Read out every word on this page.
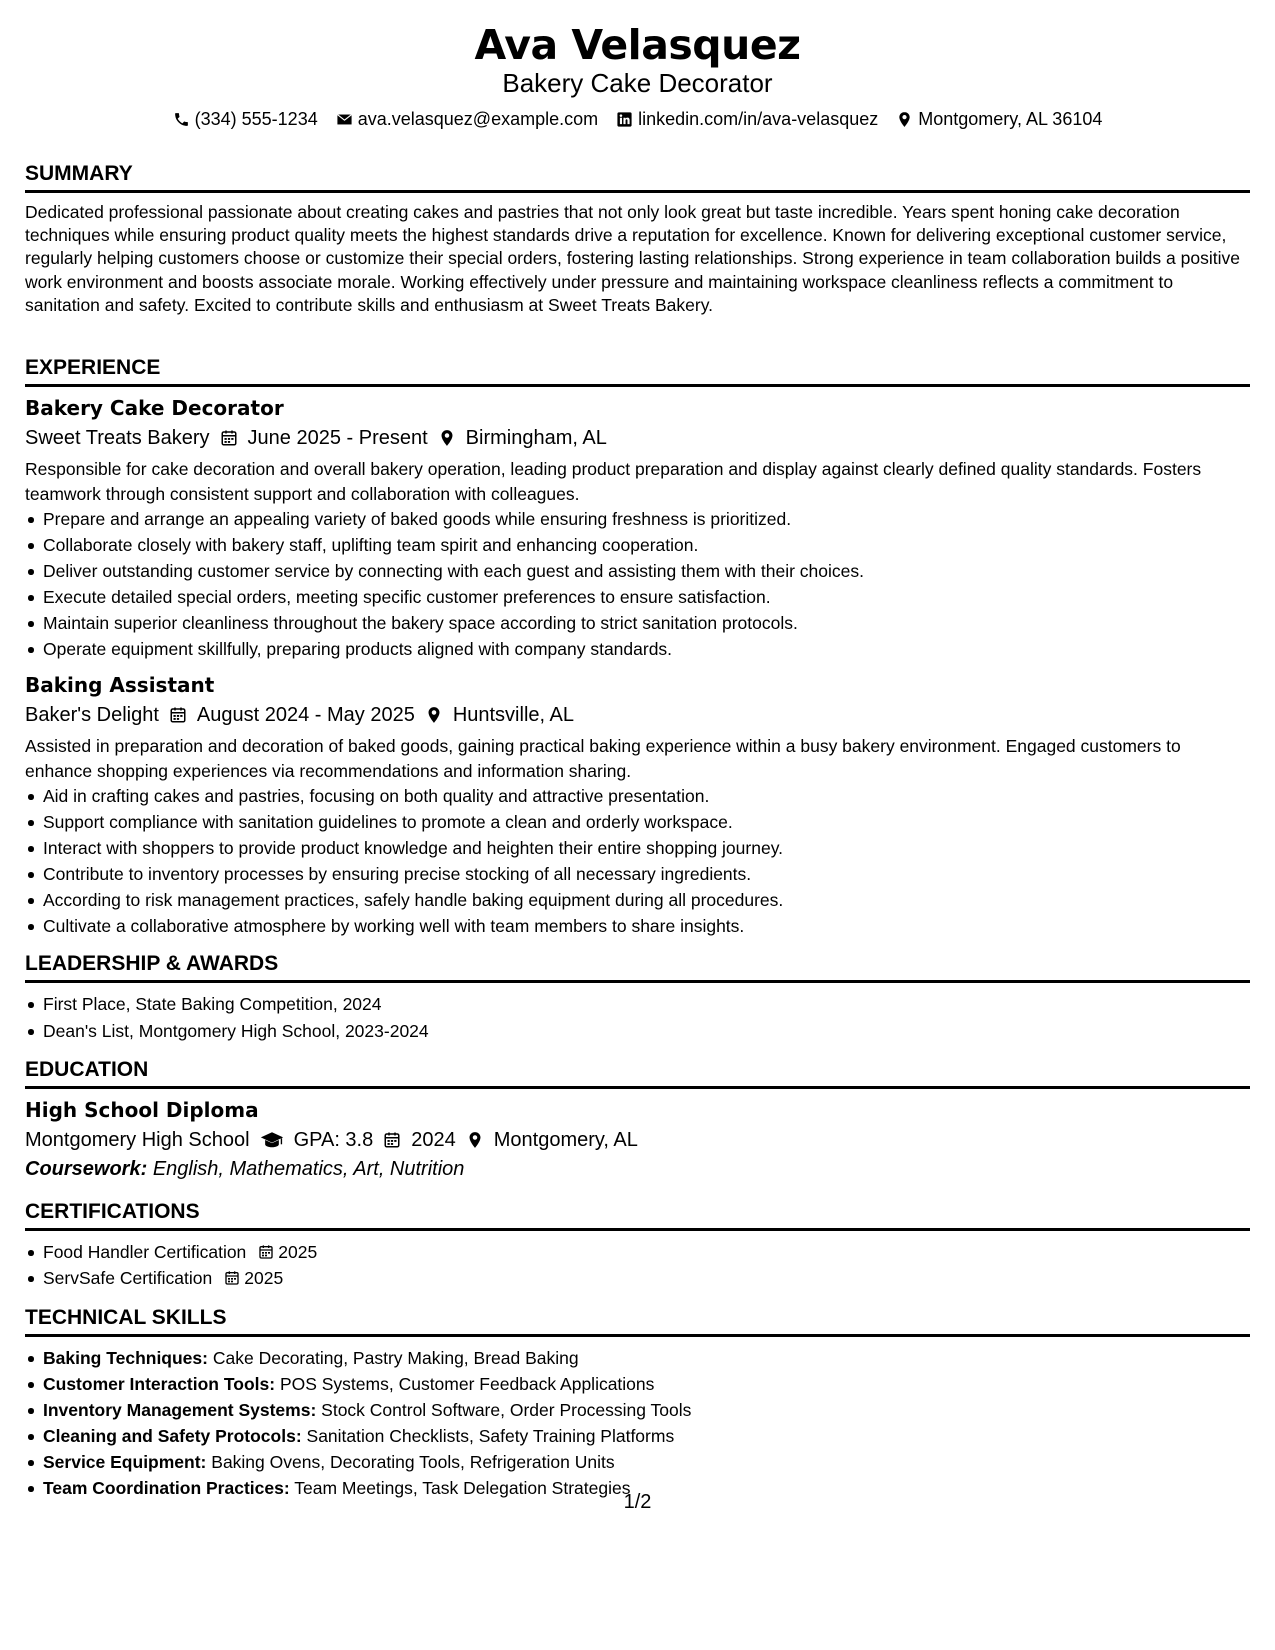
Ava Velasquez
Bakery Cake Decorator
(334) 555-1234 ava.velasquez@example.com linkedin.com/in/ava-velasquez Montgomery, AL 36104
SUMMARY

Dedicated professional passionate about creating cakes and pastries that not only look great but taste incredible. Years spent honing cake decoration techniques while ensuring product quality meets the highest standards drive a reputation for excellence. Known for delivering exceptional customer service, regularly helping customers choose or customize their special orders, fostering lasting relationships. Strong experience in team collaboration builds a positive work environment and boosts associate morale. Working effectively under pressure and maintaining workspace cleanliness reflects a commitment to sanitation and safety. Excited to contribute skills and enthusiasm at Sweet Treats Bakery.

EXPERIENCE
Bakery Cake Decorator
Sweet Treats Bakery June 2025 - Present Birmingham, AL

Responsible for cake decoration and overall bakery operation, leading product preparation and display against clearly defined quality standards. Fosters teamwork through consistent support and collaboration with colleagues.

Prepare and arrange an appealing variety of baked goods while ensuring freshness is prioritized.
Collaborate closely with bakery staff, uplifting team spirit and enhancing cooperation.
Deliver outstanding customer service by connecting with each guest and assisting them with their choices.
Execute detailed special orders, meeting specific customer preferences to ensure satisfaction.
Maintain superior cleanliness throughout the bakery space according to strict sanitation protocols.
Operate equipment skillfully, preparing products aligned with company standards.
Baking Assistant
Baker's Delight August 2024 - May 2025 Huntsville, AL

Assisted in preparation and decoration of baked goods, gaining practical baking experience within a busy bakery environment. Engaged customers to enhance shopping experiences via recommendations and information sharing.

Aid in crafting cakes and pastries, focusing on both quality and attractive presentation.
Support compliance with sanitation guidelines to promote a clean and orderly workspace.
Interact with shoppers to provide product knowledge and heighten their entire shopping journey.
Contribute to inventory processes by ensuring precise stocking of all necessary ingredients.
According to risk management practices, safely handle baking equipment during all procedures.
Cultivate a collaborative atmosphere by working well with team members to share insights.
LEADERSHIP & AWARDS
First Place, State Baking Competition, 2024
Dean's List, Montgomery High School, 2023-2024
EDUCATION
High School Diploma
Montgomery High School GPA: 3.8 2024 Montgomery, AL
Coursework: English, Mathematics, Art, Nutrition
CERTIFICATIONS
Food Handler Certification 2025
ServSafe Certification 2025
TECHNICAL SKILLS
Baking Techniques: Cake Decorating, Pastry Making, Bread Baking
Customer Interaction Tools: POS Systems, Customer Feedback Applications
Inventory Management Systems: Stock Control Software, Order Processing Tools
Cleaning and Safety Protocols: Sanitation Checklists, Safety Training Platforms
Service Equipment: Baking Ovens, Decorating Tools, Refrigeration Units
Team Coordination Practices: Team Meetings, Task Delegation Strategies
1/2
